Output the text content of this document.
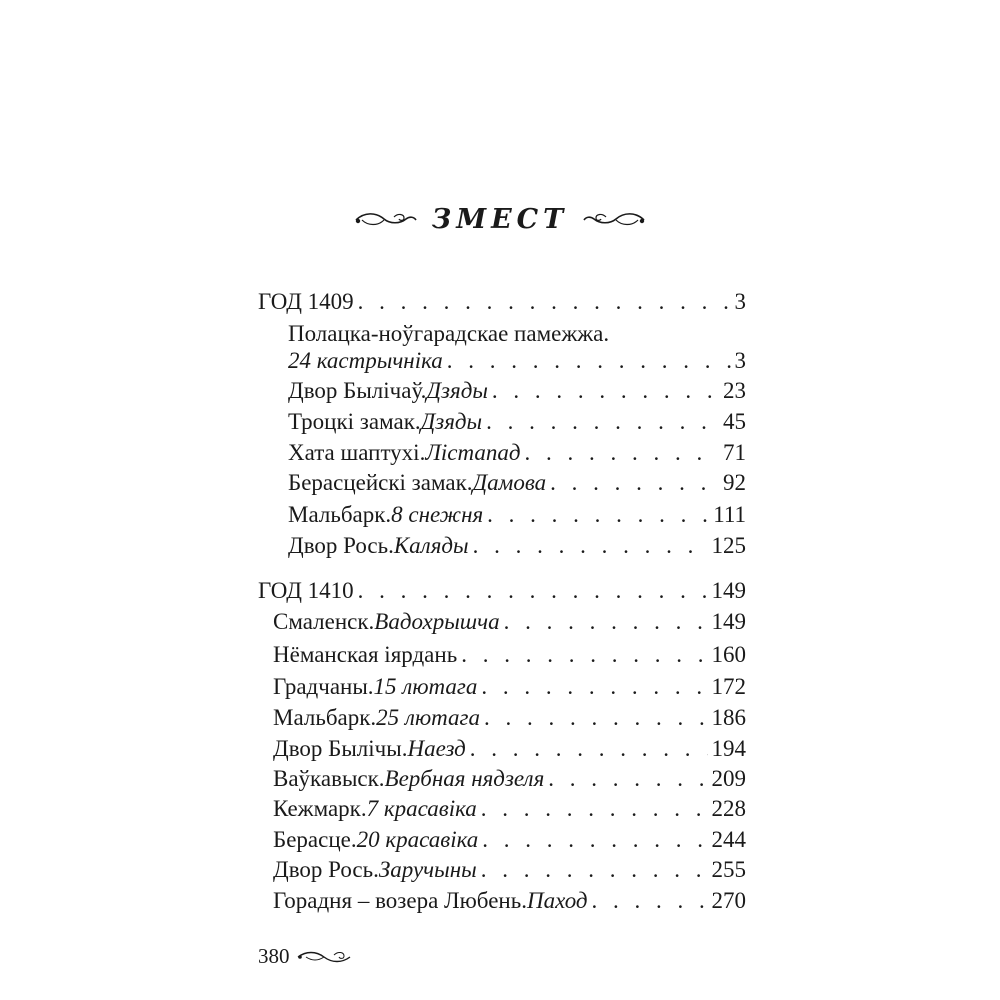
ЗМЕСТ
ГОД 1409 . . .	3
Полацка-ноўгарадскае памежжа.
24 кастрычніка . . .	3
Двор Былічаў. Дзяды . . .	23
Троцкі замак. Дзяды . . .	45
Хата шаптухі. Лістапад . . .	71
Берасцейскі замак. Дамова . . .	92
Мальбарк. 8 снежня . . .	111
Двор Рось. Каляды . . .	125
ГОД 1410 . . .	149
Смаленск. Вадохрышча . . .	149
Нёманская іярдань . . .	160
Градчаны. 15 лютага . . .	172
Мальбарк. 25 лютага . . .	186
Двор Былічы. Наезд . . .	194
Ваўкавыск. Вербная нядзеля . . .	209
Кежмарк. 7 красавіка . . .	228
Берасце. 20 красавіка . . .	244
Двор Рось. Заручыны . . .	255
Горадня – возера Любень. Паход . . .	270
380
